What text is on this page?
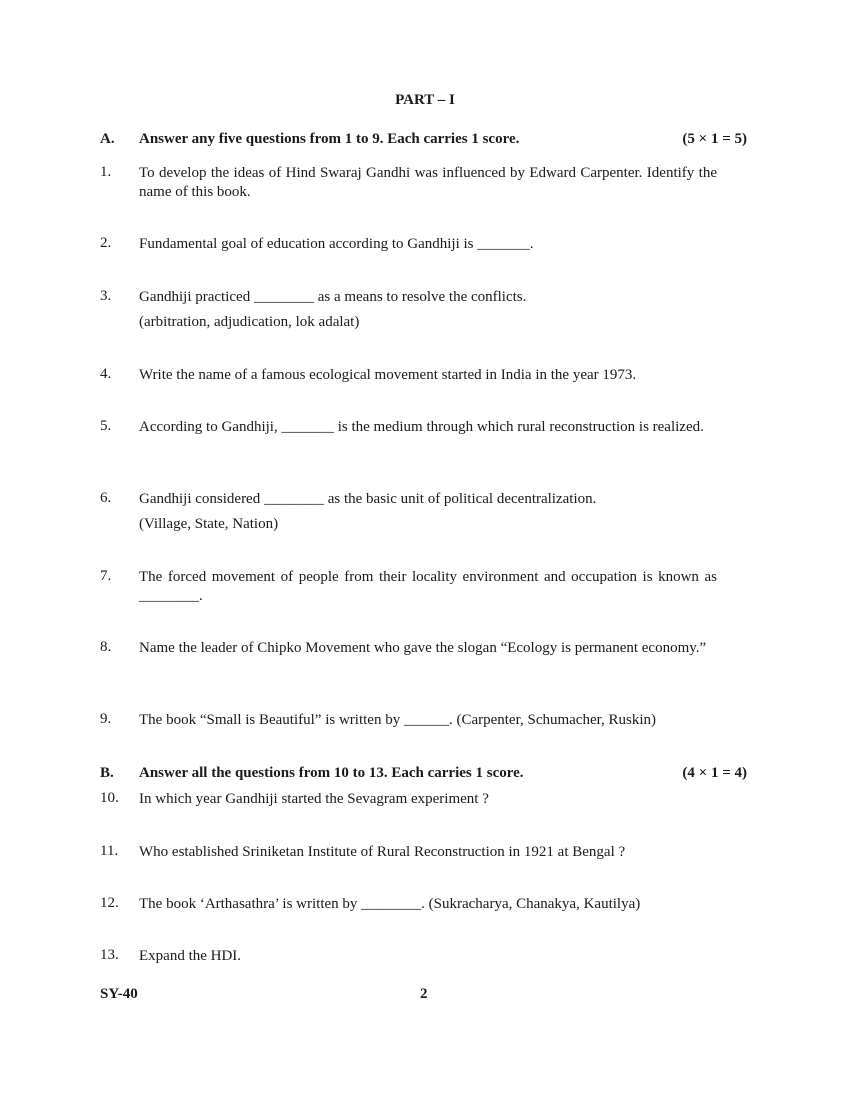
PART – I
A. Answer any five questions from 1 to 9. Each carries 1 score.	(5 × 1 = 5)
1. To develop the ideas of Hind Swaraj Gandhi was influenced by Edward Carpenter. Identify the name of this book.
2. Fundamental goal of education according to Gandhiji is _______.
3. Gandhiji practiced ________ as a means to resolve the conflicts.
(arbitration, adjudication, lok adalat)
4. Write the name of a famous ecological movement started in India in the year 1973.
5. According to Gandhiji, _______ is the medium through which rural reconstruction is realized.
6. Gandhiji considered ________ as the basic unit of political decentralization.
(Village, State, Nation)
7. The forced movement of people from their locality environment and occupation is known as ________.
8. Name the leader of Chipko Movement who gave the slogan “Ecology is permanent economy.”
9. The book “Small is Beautiful” is written by ______. (Carpenter, Schumacher, Ruskin)
B. Answer all the questions from 10 to 13. Each carries 1 score.	(4 × 1 = 4)
10. In which year Gandhiji started the Sevagram experiment ?
11. Who established Sriniketan Institute of Rural Reconstruction in 1921 at Bengal ?
12. The book ‘Arthasathra’ is written by ________. (Sukracharya, Chanakya, Kautilya)
13. Expand the HDI.
SY-40	2
